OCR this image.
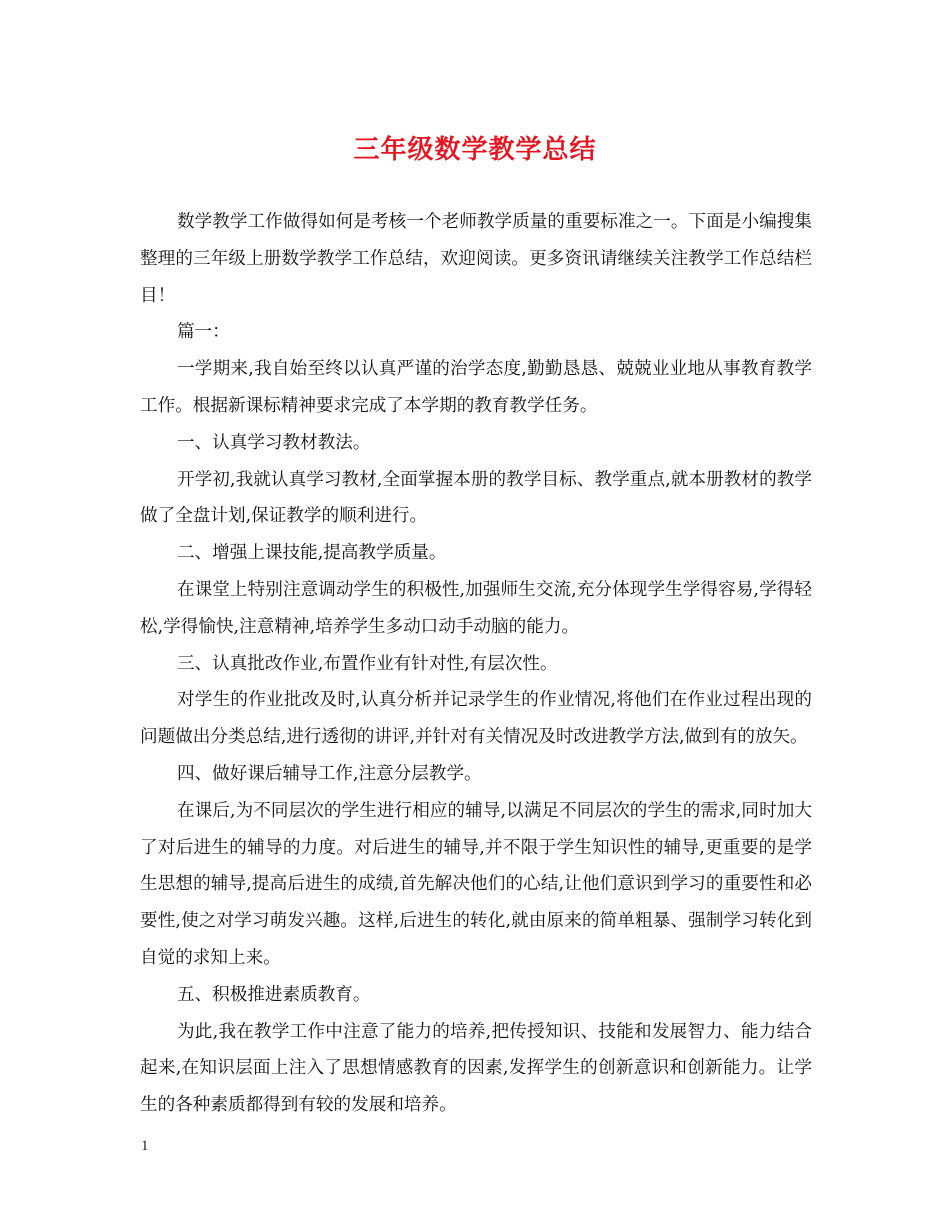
三年级数学教学总结

数学教学工作做得如何是考核一个老师教学质量的重要标准之一。下面是小编搜集整理的三年级上册数学教学工作总结，欢迎阅读。更多资讯请继续关注教学工作总结栏目！

篇一：

一学期来,我自始至终以认真严谨的治学态度,勤勤恳恳、兢兢业业地从事教育教学工作。根据新课标精神要求完成了本学期的教育教学任务。

一、认真学习教材教法。

开学初,我就认真学习教材,全面掌握本册的教学目标、教学重点,就本册教材的教学做了全盘计划,保证教学的顺利进行。

二、增强上课技能,提高教学质量。

在课堂上特别注意调动学生的积极性,加强师生交流,充分体现学生学得容易,学得轻松,学得愉快,注意精神,培养学生多动口动手动脑的能力。

三、认真批改作业,布置作业有针对性,有层次性。

对学生的作业批改及时,认真分析并记录学生的作业情况,将他们在作业过程出现的问题做出分类总结,进行透彻的讲评,并针对有关情况及时改进教学方法,做到有的放矢。

四、做好课后辅导工作,注意分层教学。

在课后,为不同层次的学生进行相应的辅导,以满足不同层次的学生的需求,同时加大了对后进生的辅导的力度。对后进生的辅导,并不限于学生知识性的辅导,更重要的是学生思想的辅导,提高后进生的成绩,首先解决他们的心结,让他们意识到学习的重要性和必要性,使之对学习萌发兴趣。这样,后进生的转化,就由原来的简单粗暴、强制学习转化到自觉的求知上来。

五、积极推进素质教育。

为此,我在教学工作中注意了能力的培养,把传授知识、技能和发展智力、能力结合起来,在知识层面上注入了思想情感教育的因素,发挥学生的创新意识和创新能力。让学生的各种素质都得到有较的发展和培养。

1
